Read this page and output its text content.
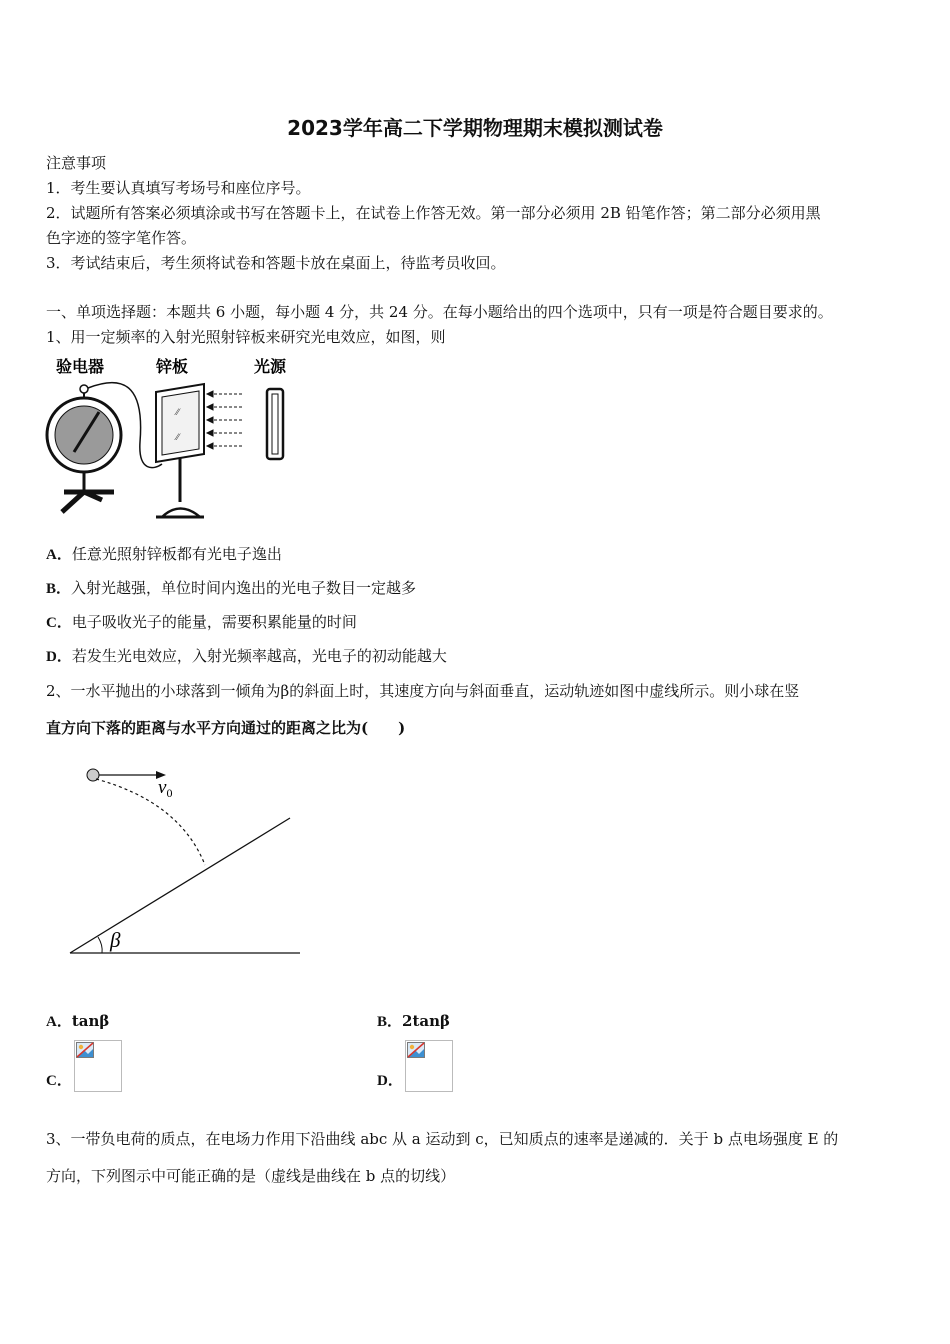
2023学年高二下学期物理期末模拟测试卷
注意事项
1．考生要认真填写考场号和座位序号。
2．试题所有答案必须填涂或书写在答题卡上，在试卷上作答无效。第一部分必须用 2B 铅笔作答；第二部分必须用黑
色字迹的签字笔作答。
3．考试结束后，考生须将试卷和答题卡放在桌面上，待监考员收回。
一、单项选择题：本题共 6 小题，每小题 4 分，共 24 分。在每小题给出的四个选项中，只有一项是符合题目要求的。
1、用一定频率的入射光照射锌板来研究光电效应，如图，则
验电器	锌板	光源
⁄⁄
⁄⁄
A．任意光照射锌板都有光电子逸出
B．入射光越强，单位时间内逸出的光电子数目一定越多
C．电子吸收光子的能量，需要积累能量的时间
D．若发生光电效应，入射光频率越高，光电子的初动能越大
2、一水平抛出的小球落到一倾角为β的斜面上时，其速度方向与斜面垂直，运动轨迹如图中虚线所示。则小球在竖
直方向下落的距离与水平方向通过的距离之比为(　　)
$v_0$
β
A．tanβ	B．2tanβ
C．	D．
3、一带负电荷的质点，在电场力作用下沿曲线 abc 从 a 运动到 c，已知质点的速率是递减的．关于 b 点电场强度 E 的
方向，下列图示中可能正确的是（虚线是曲线在 b 点的切线）
